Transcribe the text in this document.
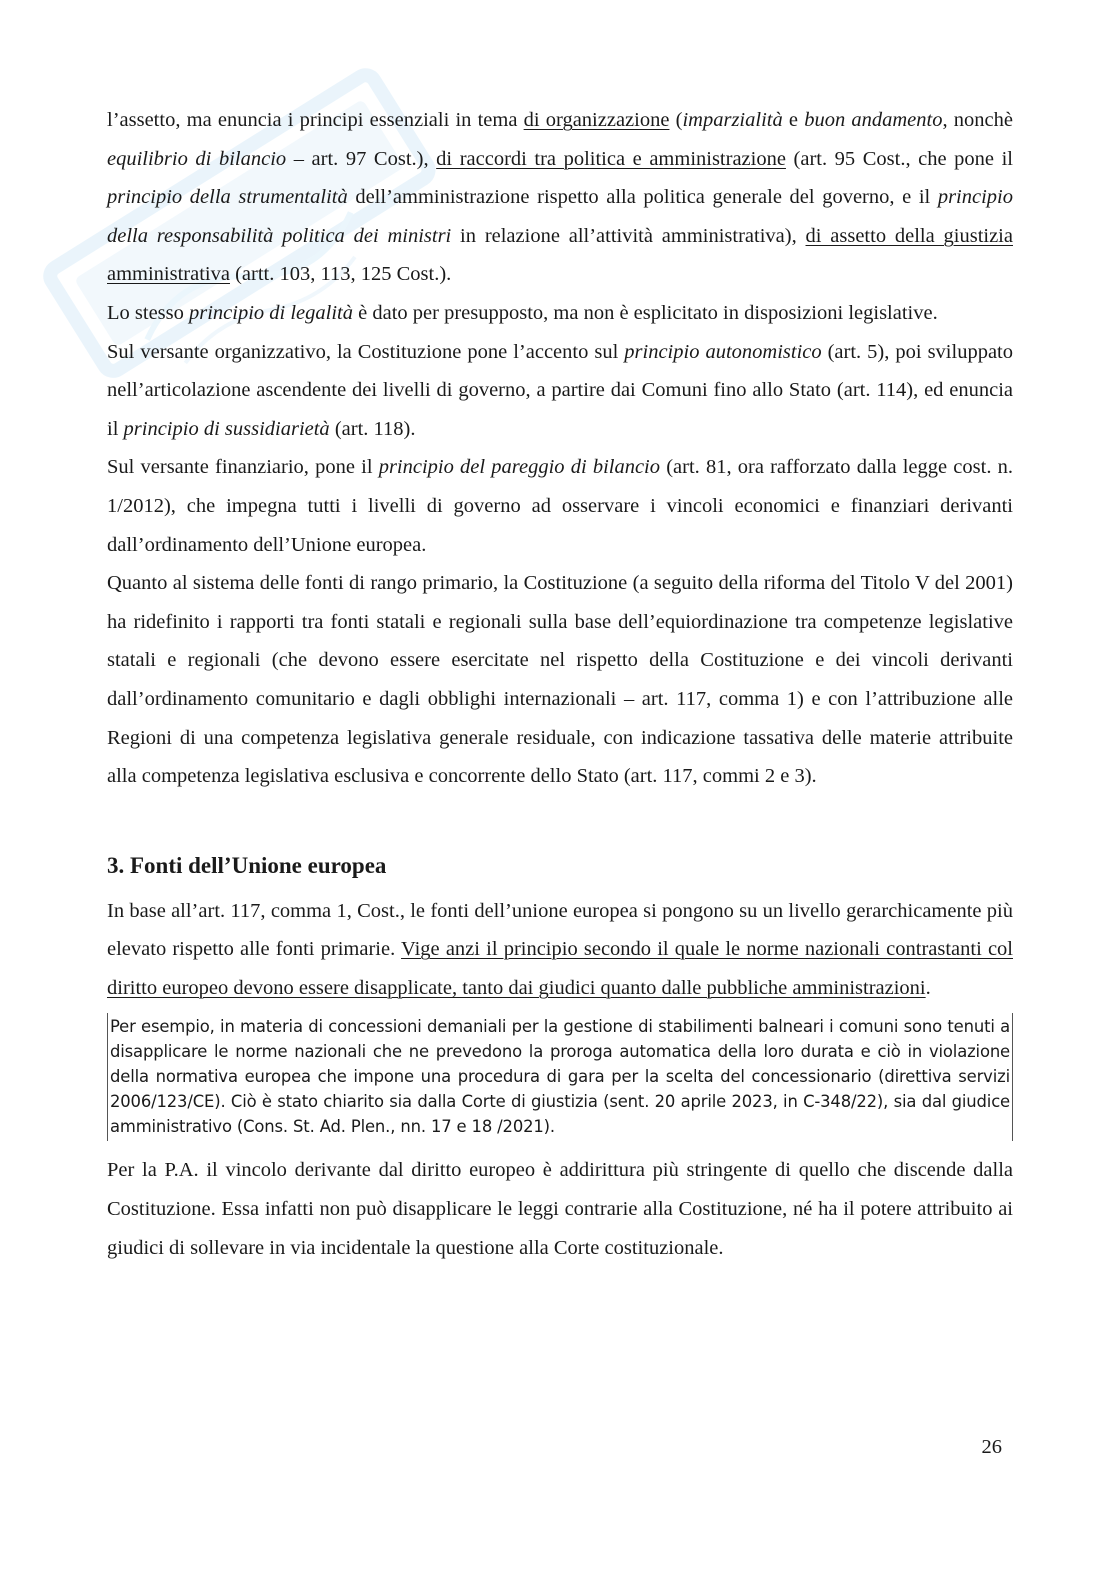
l’assetto, ma enuncia i principi essenziali in tema di organizzazione (imparzialità e buon andamento, nonchè equilibrio di bilancio – art. 97 Cost.), di raccordi tra politica e amministrazione (art. 95 Cost., che pone il principio della strumentalità dell’amministrazione rispetto alla politica generale del governo, e il principio della responsabilità politica dei ministri in relazione all’attività amministrativa), di assetto della giustizia amministrativa (artt. 103, 113, 125 Cost.).

Lo stesso principio di legalità è dato per presupposto, ma non è esplicitato in disposizioni legislative.

Sul versante organizzativo, la Costituzione pone l’accento sul principio autonomistico (art. 5), poi sviluppato nell’articolazione ascendente dei livelli di governo, a partire dai Comuni fino allo Stato (art. 114), ed enuncia il principio di sussidiarietà (art. 118).

Sul versante finanziario, pone il principio del pareggio di bilancio (art. 81, ora rafforzato dalla legge cost. n. 1/2012), che impegna tutti i livelli di governo ad osservare i vincoli economici e finanziari derivanti dall’ordinamento dell’Unione europea.

Quanto al sistema delle fonti di rango primario, la Costituzione (a seguito della riforma del Titolo V del 2001) ha ridefinito i rapporti tra fonti statali e regionali sulla base dell’equiordinazione tra competenze legislative statali e regionali (che devono essere esercitate nel rispetto della Costituzione e dei vincoli derivanti dall’ordinamento comunitario e dagli obblighi internazionali – art. 117, comma 1) e con l’attribuzione alle Regioni di una competenza legislativa generale residuale, con indicazione tassativa delle materie attribuite alla competenza legislativa esclusiva e concorrente dello Stato (art. 117, commi 2 e 3).

3. Fonti dell’Unione europea

In base all’art. 117, comma 1, Cost., le fonti dell’unione europea si pongono su un livello gerarchicamente più elevato rispetto alle fonti primarie. Vige anzi il principio secondo il quale le norme nazionali contrastanti col diritto europeo devono essere disapplicate, tanto dai giudici quanto dalle pubbliche amministrazioni.

Per esempio, in materia di concessioni demaniali per la gestione di stabilimenti balneari i comuni sono tenuti a disapplicare le norme nazionali che ne prevedono la proroga automatica della loro durata e ciò in violazione della normativa europea che impone una procedura di gara per la scelta del concessionario (direttiva servizi 2006/123/CE). Ciò è stato chiarito sia dalla Corte di giustizia (sent. 20 aprile 2023, in C-348/22), sia dal giudice amministrativo (Cons. St. Ad. Plen., nn. 17 e 18 /2021).

Per la P.A. il vincolo derivante dal diritto europeo è addirittura più stringente di quello che discende dalla Costituzione. Essa infatti non può disapplicare le leggi contrarie alla Costituzione, né ha il potere attribuito ai giudici di sollevare in via incidentale la questione alla Corte costituzionale.

26
